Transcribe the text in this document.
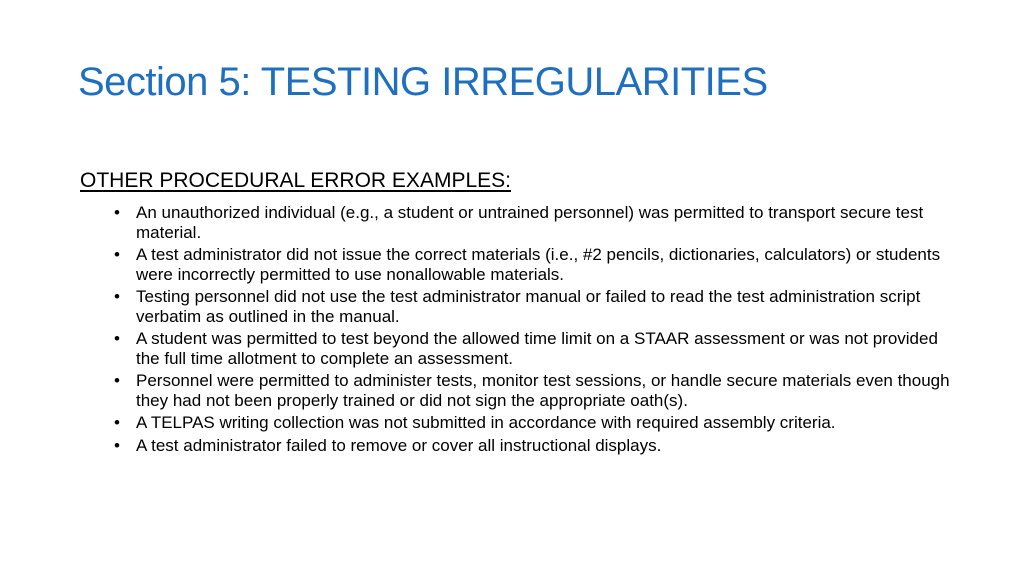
Section 5: TESTING IRREGULARITIES
OTHER PROCEDURAL ERROR EXAMPLES:
• An unauthorized individual (e.g., a student or untrained personnel) was permitted to transport secure test material.
• A test administrator did not issue the correct materials (i.e., #2 pencils, dictionaries, calculators) or students were incorrectly permitted to use nonallowable materials.
• Testing personnel did not use the test administrator manual or failed to read the test administration script verbatim as outlined in the manual.
• A student was permitted to test beyond the allowed time limit on a STAAR assessment or was not provided the full time allotment to complete an assessment.
• Personnel were permitted to administer tests, monitor test sessions, or handle secure materials even though they had not been properly trained or did not sign the appropriate oath(s).
• A TELPAS writing collection was not submitted in accordance with required assembly criteria.
• A test administrator failed to remove or cover all instructional displays.
